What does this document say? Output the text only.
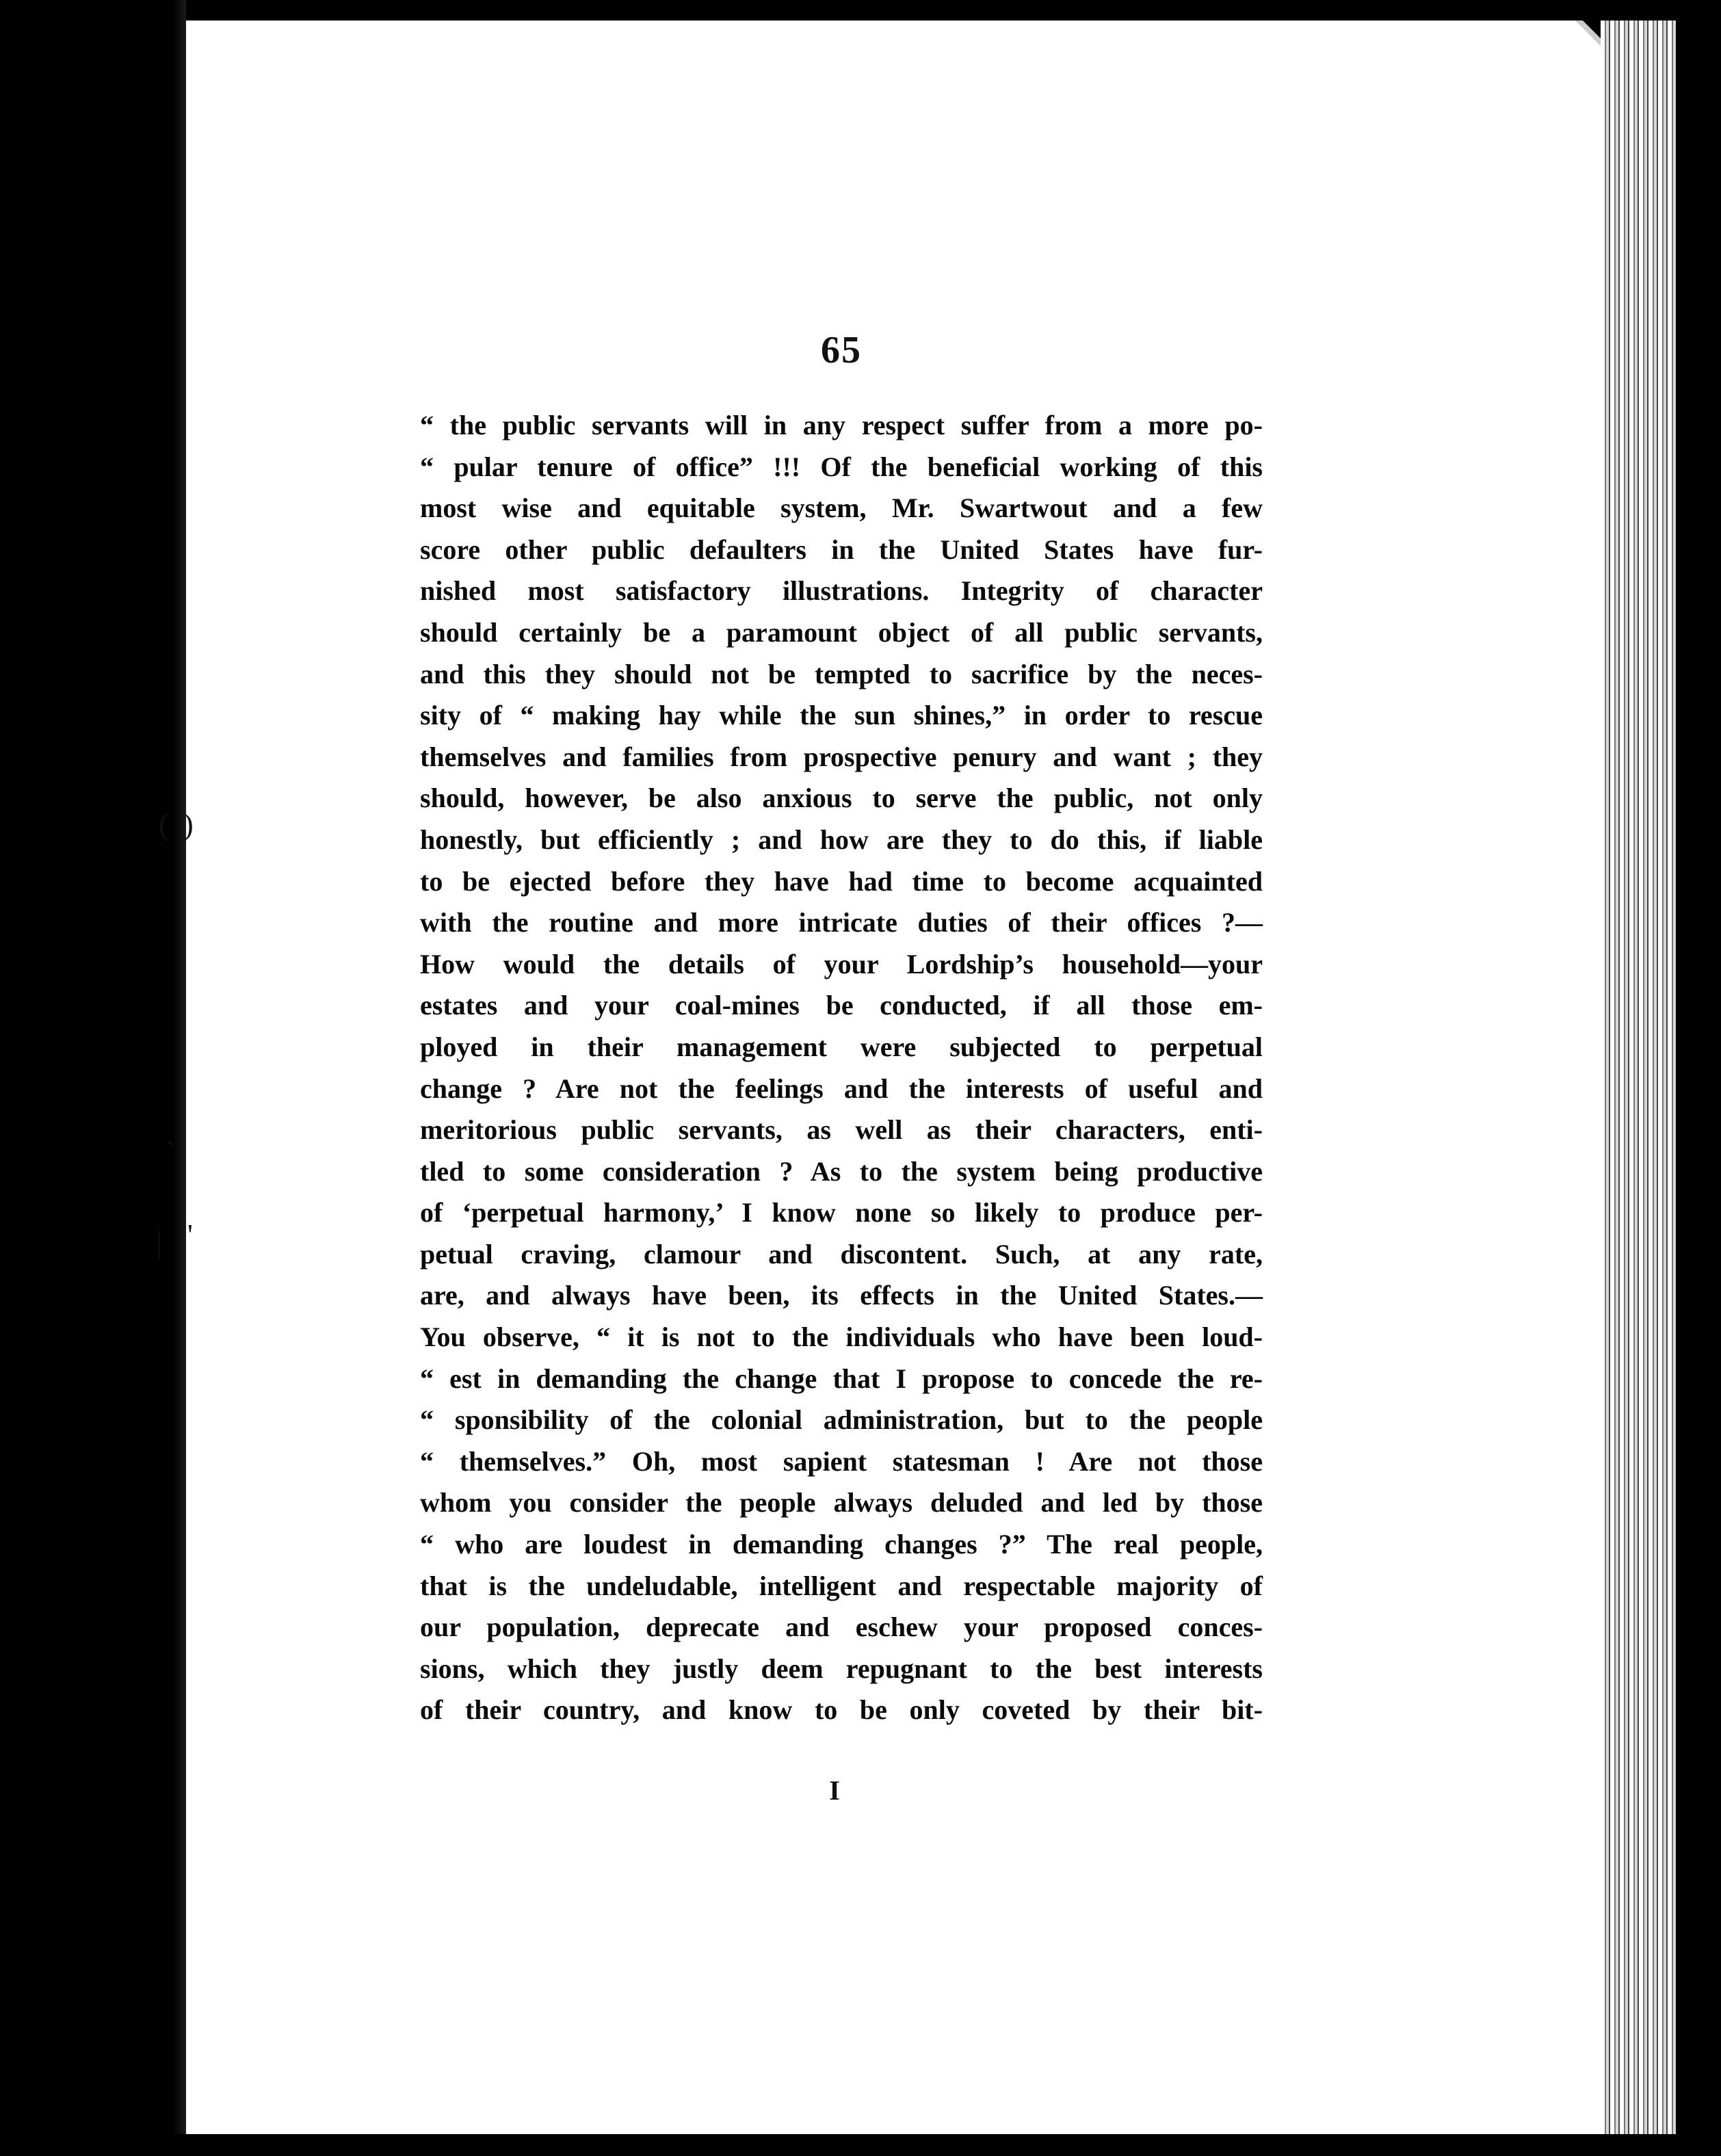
( )
ˋ
| '
65
“ the public servants will in any respect suffer from a more po-
“ pular tenure of office” !!! Of the beneficial working of this
most wise and equitable system, Mr. Swartwout and a few
score other public defaulters in the United States have fur-
nished most satisfactory illustrations. Integrity of character
should certainly be a paramount object of all public servants,
and this they should not be tempted to sacrifice by the neces-
sity of “ making hay while the sun shines,” in order to rescue
themselves and families from prospective penury and want ; they
should, however, be also anxious to serve the public, not only
honestly, but efficiently ; and how are they to do this, if liable
to be ejected before they have had time to become acquainted
with the routine and more intricate duties of their offices ?—
How would the details of your Lordship’s household—your
estates and your coal-mines be conducted, if all those em-
ployed in their management were subjected to perpetual
change ? Are not the feelings and the interests of useful and
meritorious public servants, as well as their characters, enti-
tled to some consideration ? As to the system being productive
of ‘perpetual harmony,’ I know none so likely to produce per-
petual craving, clamour and discontent. Such, at any rate,
are, and always have been, its effects in the United States.—
You observe, “ it is not to the individuals who have been loud-
“ est in demanding the change that I propose to concede the re-
“ sponsibility of the colonial administration, but to the people
“ themselves.” Oh, most sapient statesman ! Are not those
whom you consider the people always deluded and led by those
“ who are loudest in demanding changes ?” The real people,
that is the undeludable, intelligent and respectable majority of
our population, deprecate and eschew your proposed conces-
sions, which they justly deem repugnant to the best interests
of their country, and know to be only coveted by their bit-
I
